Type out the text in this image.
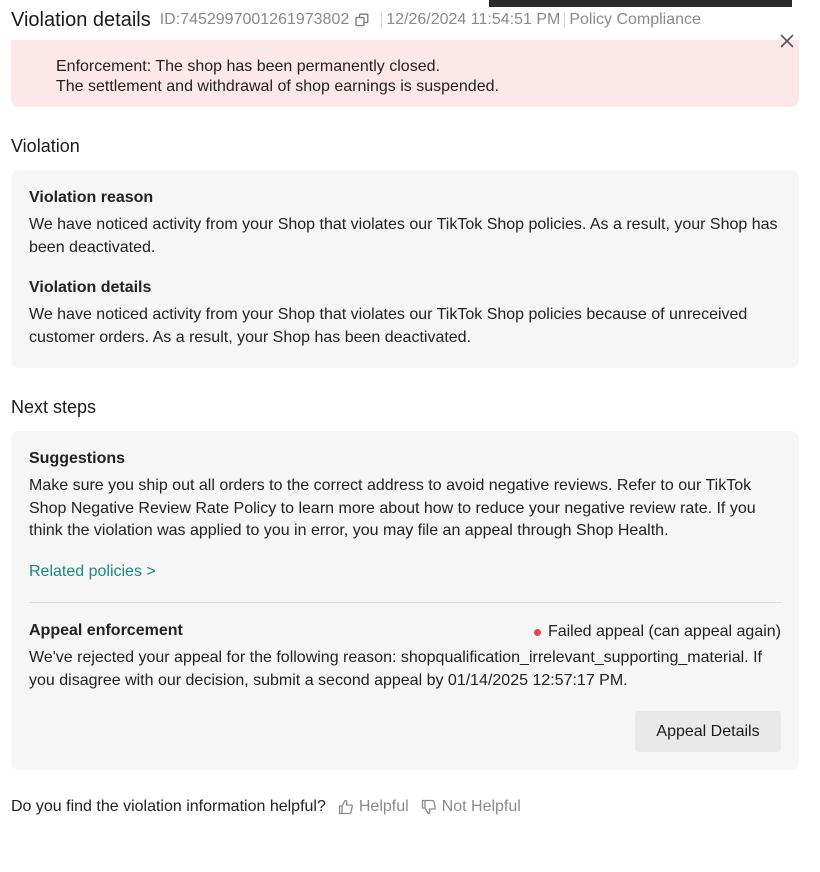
Enforcement: The shop has been permanently closed.
The settlement and withdrawal of shop earnings is suspended.
Violation details ID:7452997001261973802 12/26/2024 11:54:51 PM Policy Compliance
Violation
Violation reason
We have noticed activity from your Shop that violates our TikTok Shop policies. As a result, your Shop has been deactivated.
Violation details
We have noticed activity from your Shop that violates our TikTok Shop policies because of unreceived customer orders. As a result, your Shop has been deactivated.
Next steps
Suggestions
Make sure you ship out all orders to the correct address to avoid negative reviews. Refer to our TikTok Shop Negative Review Rate Policy to learn more about how to reduce your negative review rate. If you think the violation was applied to you in error, you may file an appeal through Shop Health.
Related policies >
Appeal enforcement	Failed appeal (can appeal again)
We've rejected your appeal for the following reason: shopqualification_irrelevant_supporting_material. If you disagree with our decision, submit a second appeal by 01/14/2025 12:57:17 PM.
Appeal Details
Do you find the violation information helpful? Helpful Not Helpful
